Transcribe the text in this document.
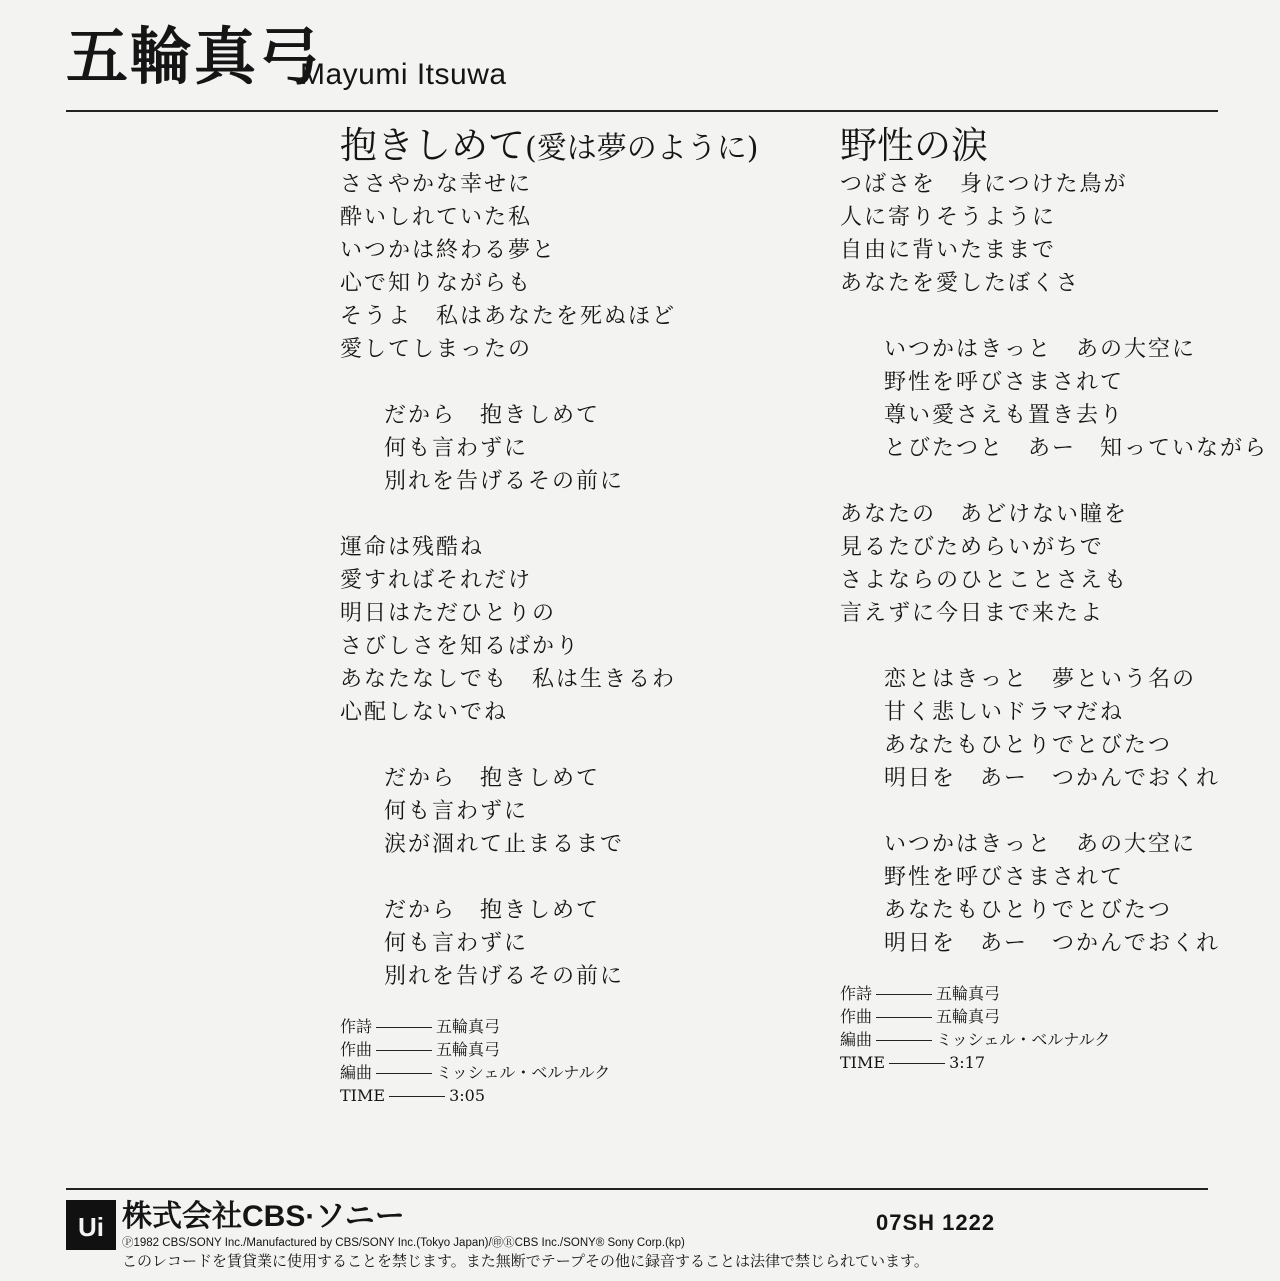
五輪真弓
Mayumi Itsuwa
抱きしめて(愛は夢のように)
ささやかな幸せに
酔いしれていた私
いつかは終わる夢と
心で知りながらも
そうよ　私はあなたを死ぬほど
愛してしまったの
だから　抱きしめて
何も言わずに
別れを告げるその前に
運命は残酷ね
愛すればそれだけ
明日はただひとりの
さびしさを知るばかり
あなたなしでも　私は生きるわ
心配しないでね
だから　抱きしめて
何も言わずに
涙が涸れて止まるまで
だから　抱きしめて
何も言わずに
別れを告げるその前に
作詩	五輪真弓
作曲	五輪真弓
編曲	ミッシェル・ベルナルク
TIME	3:05
野性の涙
つばさを　身につけた鳥が
人に寄りそうように
自由に背いたままで
あなたを愛したぼくさ
いつかはきっと　あの大空に
野性を呼びさまされて
尊い愛さえも置き去り
とびたつと　あー　知っていながら
あなたの　あどけない瞳を
見るたびためらいがちで
さよならのひとことさえも
言えずに今日まで来たよ
恋とはきっと　夢という名の
甘く悲しいドラマだね
あなたもひとりでとびたつ
明日を　あー　つかんでおくれ
いつかはきっと　あの大空に
野性を呼びさまされて
あなたもひとりでとびたつ
明日を　あー　つかんでおくれ
作詩	五輪真弓
作曲	五輪真弓
編曲	ミッシェル・ベルナルク
TIME	3:17
Ui 株式会社CBS·ソニー	07SH 1222
Ⓟ1982 CBS/SONY Inc./Manufactured by CBS/SONY Inc.(Tokyo Japan)/㊞ⓇCBS Inc./SONY® Sony Corp.(kp)
このレコードを賃貸業に使用することを禁じます。また無断でテープその他に録音することは法律で禁じられています。
